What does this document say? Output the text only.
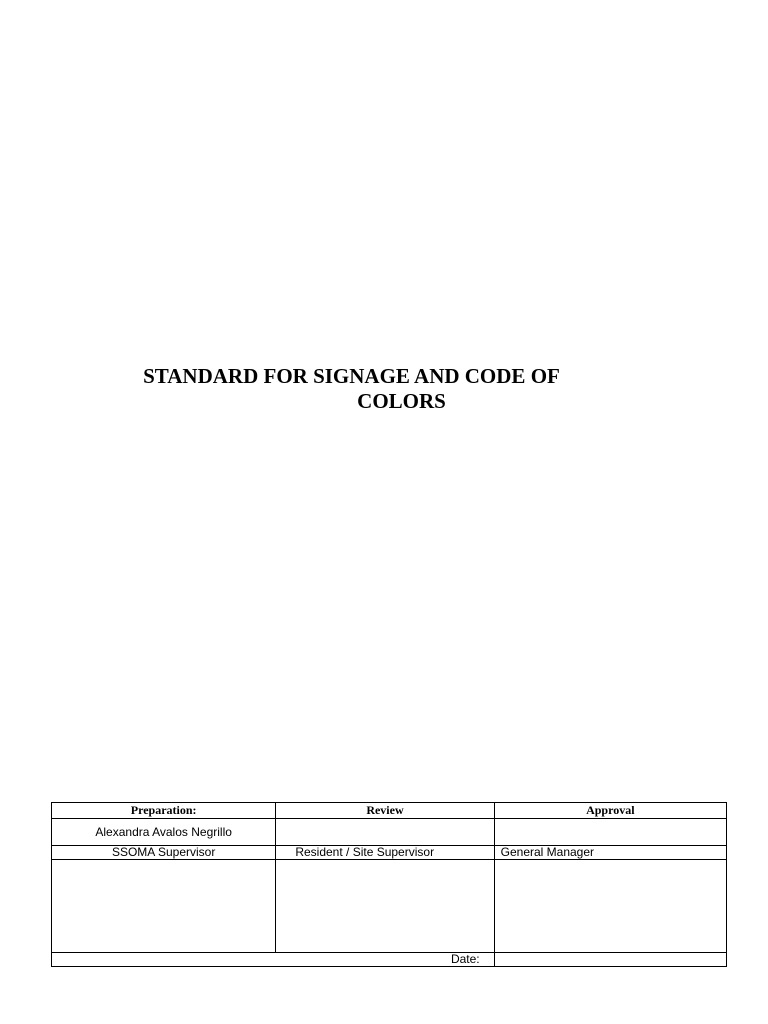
STANDARD FOR SIGNAGE AND CODE OF
COLORS
Preparation:	Review	Approval
Alexandra Avalos Negrillo		
SSOMA Supervisor	Resident / Site Supervisor	General Manager

Date:		
